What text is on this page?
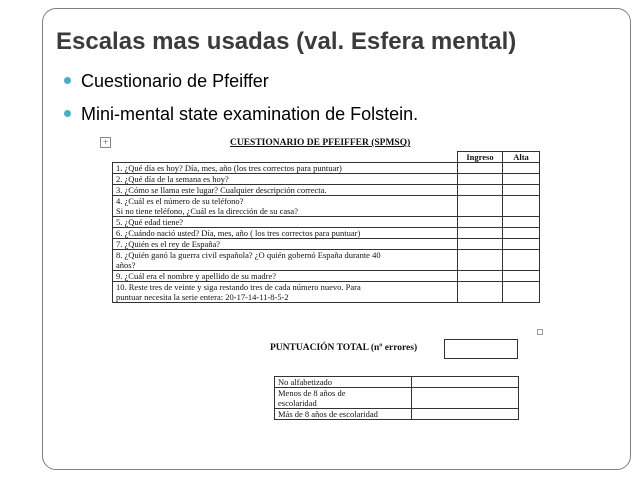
Escalas mas usadas (val. Esfera mental)
Cuestionario de Pfeiffer
Mini-mental state examination de Folstein.
+	CUESTIONARIO DE PFEIFFER (SPMSQ)
	Ingreso	Alta
1. ¿Qué día es hoy? Día, mes, año (los tres correctos para puntuar)		
2. ¿Qué día de la semana es hoy?		
3. ¿Cómo se llama este lugar? Cualquier descripción correcta.		
4. ¿Cuál es el número de su teléfono?
Si no tiene teléfono, ¿Cuál es la dirección de su casa?		
5. ¿Qué edad tiene?		
6. ¿Cuándo nació usted? Día, mes, año ( los tres correctos para puntuar)		
7. ¿Quién es el rey de España?		
8. ¿Quién ganó la guerra civil española? ¿O quién gobernó España durante 40
años?		
9. ¿Cuál era el nombre y apellido de su madre?		
10. Reste tres de veinte y siga restando tres de cada número nuevo. Para
puntuar necesita la serie entera: 20-17-14-11-8-5-2		
PUNTUACIÓN TOTAL (nº errores)
No alfabetizado	
Menos de 8 años de
escolaridad	
Más de 8 años de escolaridad	
